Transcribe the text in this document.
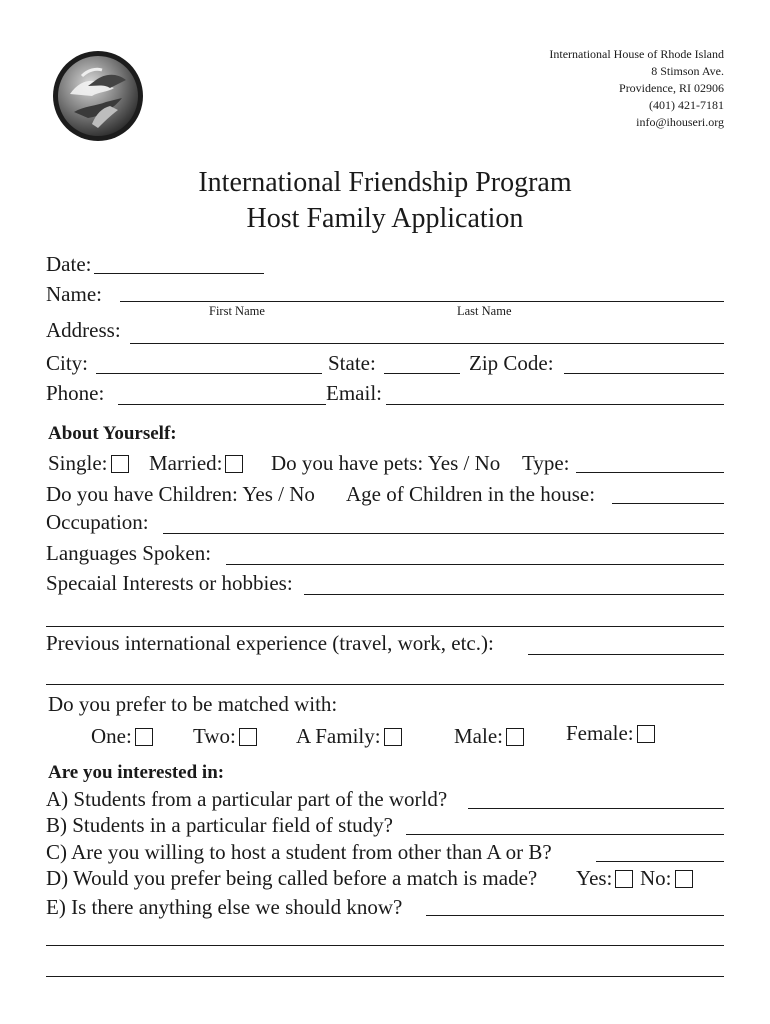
International House of Rhode Island
8 Stimson Ave.
Providence, RI 02906
(401) 421-7181
info@ihouseri.org
International Friendship Program
Host Family Application
Date:
Name:
First Name	Last Name
Address:
City:	State:	Zip Code:
Phone:	Email:
About Yourself:
Single:	Married:	Do you have pets: Yes / No Type:
Do you have Children: Yes / No Age of Children in the house:
Occupation:
Languages Spoken:
Specaial Interests or hobbies:
Previous international experience (travel, work, etc.):
Do you prefer to be matched with:
One:	Two:	A Family:	Male:	Female:
Are you interested in:
A) Students from a particular part of the world?
B) Students in a particular field of study?
C) Are you willing to host a student from other than A or B?
D) Would you prefer being called before a match is made? Yes:	No:
E) Is there anything else we should know?
